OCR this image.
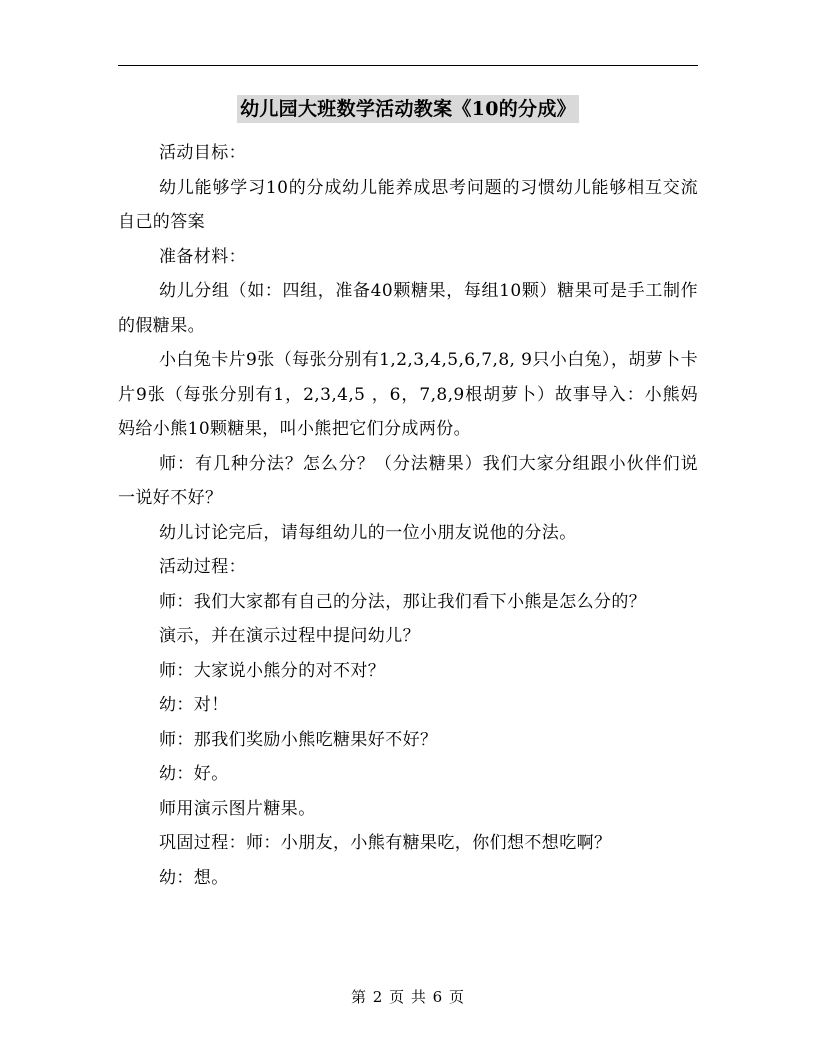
幼儿园大班数学活动教案《10的分成》

活动目标：

幼儿能够学习10的分成幼儿能养成思考问题的习惯幼儿能够相互交流自己的答案

准备材料：

幼儿分组（如：四组，准备40颗糖果，每组10颗）糖果可是手工制作的假糖果。

小白兔卡片9张（每张分别有1,2,3,4,5,6,7,8, 9只小白兔），胡萝卜卡片9张（每张分别有1，2,3,4,5 ，6，7,8,9根胡萝卜）故事导入：小熊妈妈给小熊10颗糖果，叫小熊把它们分成两份。

师：有几种分法？怎么分？（分法糖果）我们大家分组跟小伙伴们说一说好不好？

幼儿讨论完后，请每组幼儿的一位小朋友说他的分法。

活动过程：

师：我们大家都有自己的分法，那让我们看下小熊是怎么分的？

演示，并在演示过程中提问幼儿？

师：大家说小熊分的对不对？

幼：对！

师：那我们奖励小熊吃糖果好不好？

幼：好。

师用演示图片糖果。

巩固过程：师：小朋友，小熊有糖果吃，你们想不想吃啊？

幼：想。

第 2 页 共 6 页
